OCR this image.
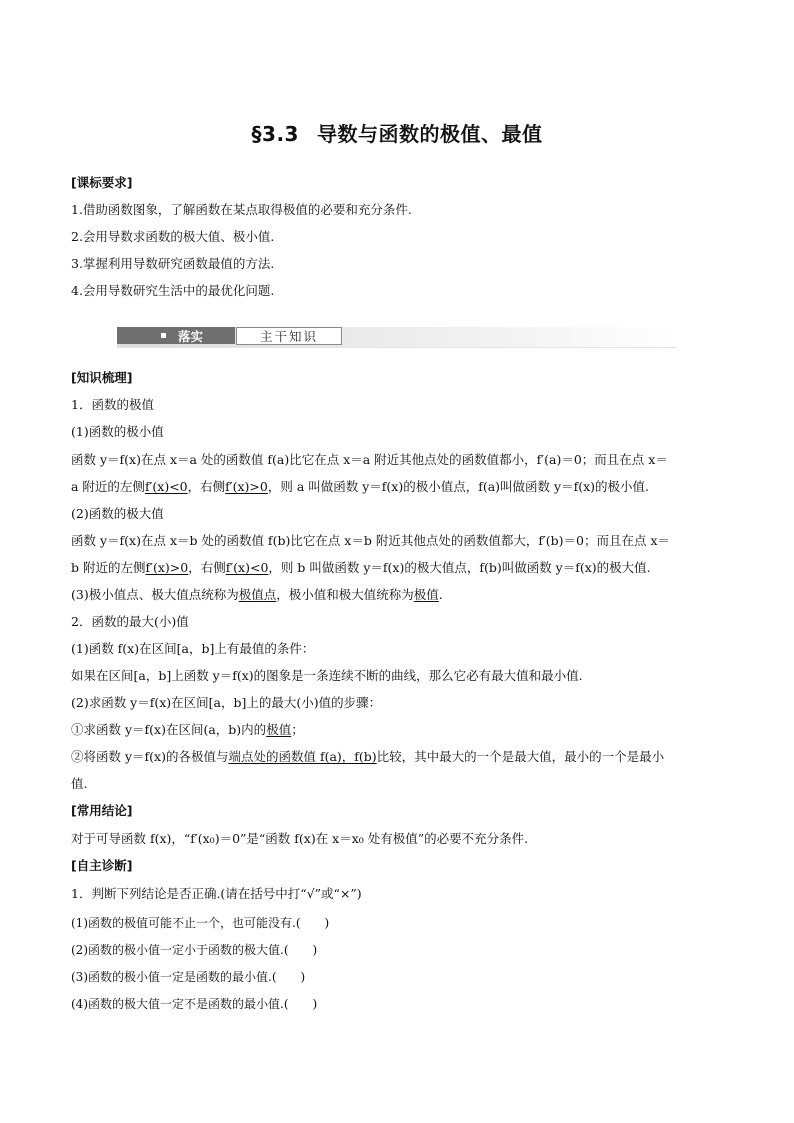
§3.3 导数与函数的极值、最值
[课标要求]
1.借助函数图象，了解函数在某点取得极值的必要和充分条件.
2.会用导数求函数的极大值、极小值.
3.掌握利用导数研究函数最值的方法.
4.会用导数研究生活中的最优化问题.
[知识梳理]
1．函数的极值
(1)函数的极小值
函数 y＝f(x)在点 x＝a 处的函数值 f(a)比它在点 x＝a 附近其他点处的函数值都小，f′(a)＝0；而且在点 x＝
a 附近的左侧f′(x)<0，右侧f′(x)>0，则 a 叫做函数 y＝f(x)的极小值点，f(a)叫做函数 y＝f(x)的极小值.
(2)函数的极大值
函数 y＝f(x)在点 x＝b 处的函数值 f(b)比它在点 x＝b 附近其他点处的函数值都大，f′(b)＝0；而且在点 x＝
b 附近的左侧f′(x)>0，右侧f′(x)<0，则 b 叫做函数 y＝f(x)的极大值点，f(b)叫做函数 y＝f(x)的极大值.
(3)极小值点、极大值点统称为极值点，极小值和极大值统称为极值.
2．函数的最大(小)值
(1)函数 f(x)在区间[a，b]上有最值的条件：
如果在区间[a，b]上函数 y＝f(x)的图象是一条连续不断的曲线，那么它必有最大值和最小值.
(2)求函数 y＝f(x)在区间[a，b]上的最大(小)值的步骤：
①求函数 y＝f(x)在区间(a，b)内的极值；
②将函数 y＝f(x)的各极值与端点处的函数值 f(a)，f(b)比较，其中最大的一个是最大值，最小的一个是最小
值.
[常用结论]
对于可导函数 f(x)，“f′(x₀)＝0”是“函数 f(x)在 x＝x₀ 处有极值”的必要不充分条件.
[自主诊断]
1．判断下列结论是否正确.(请在括号中打“√”或“×”)
(1)函数的极值可能不止一个，也可能没有.(　　)
(2)函数的极小值一定小于函数的极大值.(　　)
(3)函数的极小值一定是函数的最小值.(　　)
(4)函数的极大值一定不是函数的最小值.(　　)
落实	主干知识
